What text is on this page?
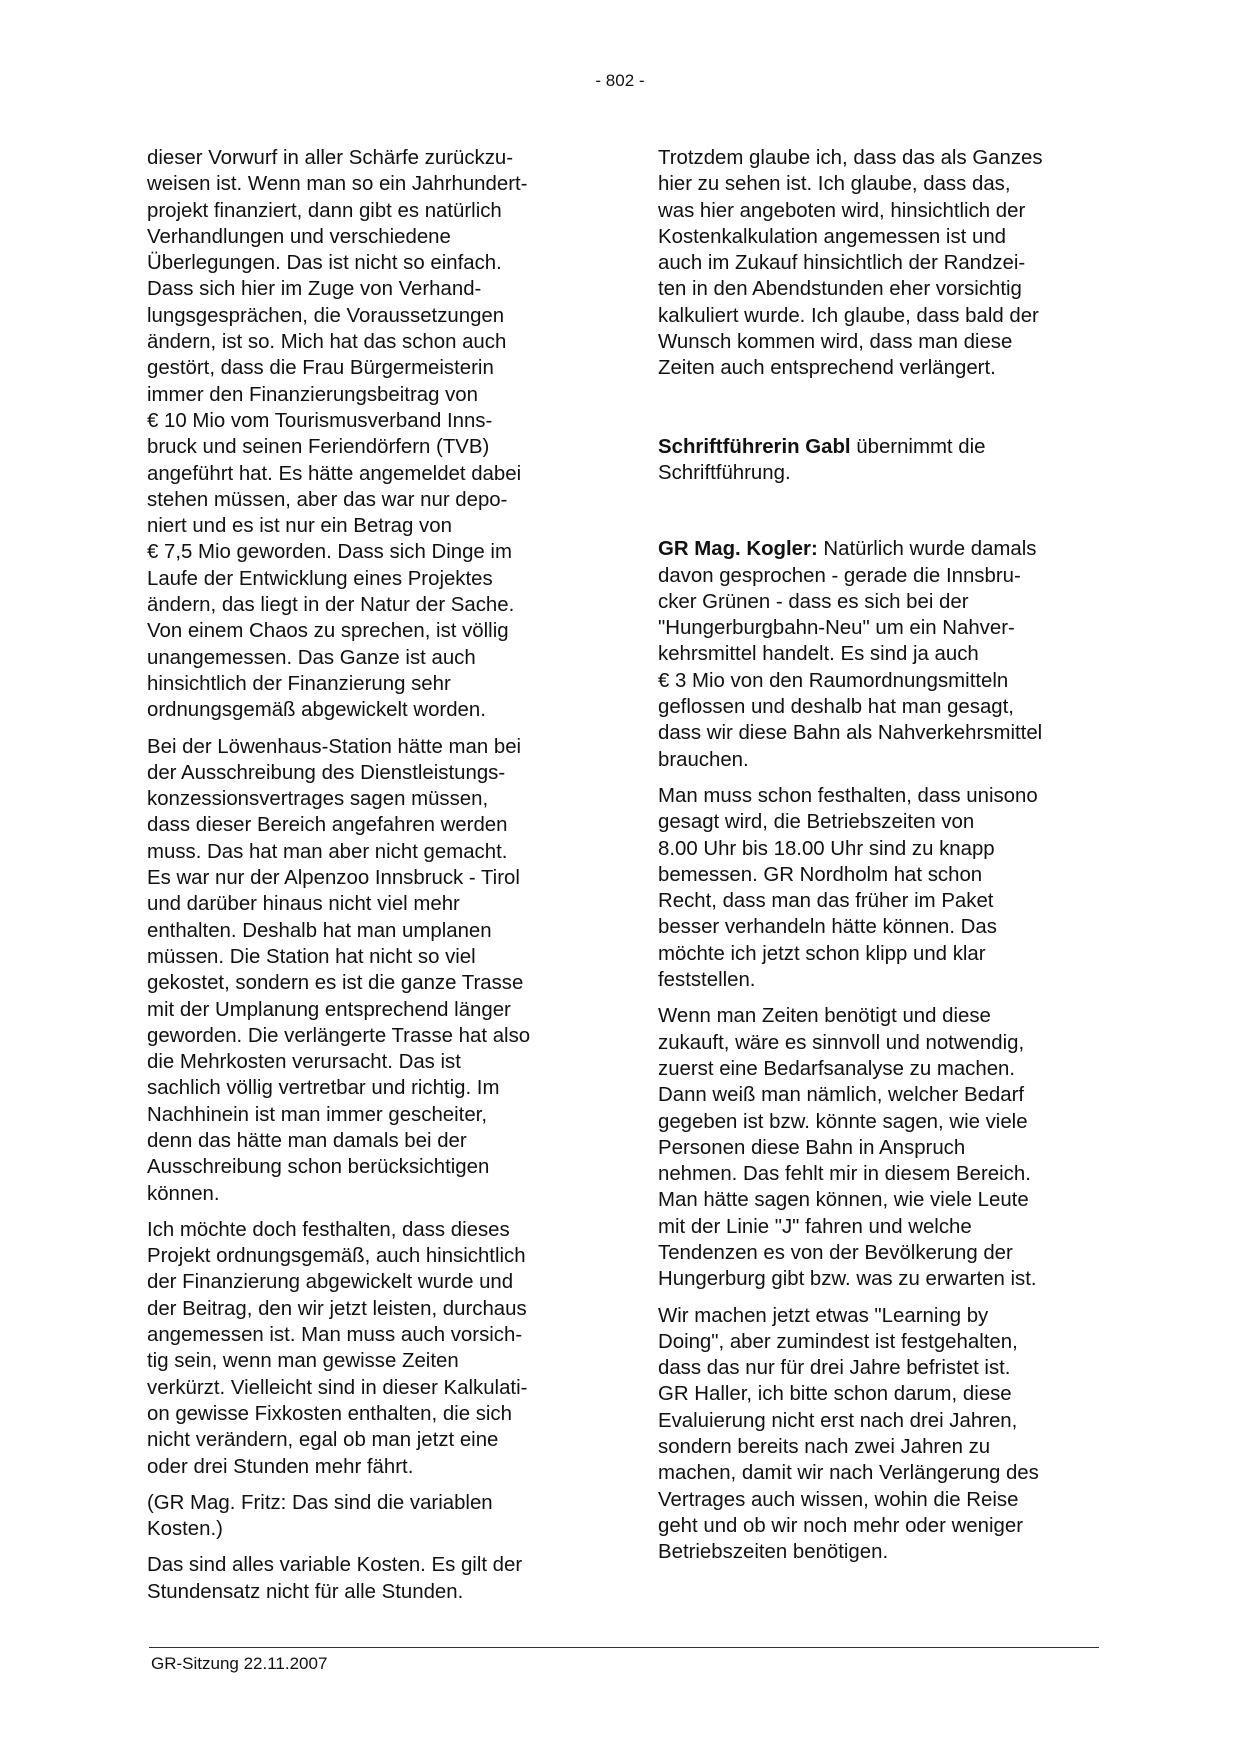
- 802 -

dieser Vorwurf in aller Schärfe zurückzu-
weisen ist. Wenn man so ein Jahrhundert-
projekt finanziert, dann gibt es natürlich
Verhandlungen und verschiedene
Überlegungen. Das ist nicht so einfach.
Dass sich hier im Zuge von Verhand-
lungsgesprächen, die Voraussetzungen
ändern, ist so. Mich hat das schon auch
gestört, dass die Frau Bürgermeisterin
immer den Finanzierungsbeitrag von
€ 10 Mio vom Tourismusverband Inns-
bruck und seinen Feriendörfern (TVB)
angeführt hat. Es hätte angemeldet dabei
stehen müssen, aber das war nur depo-
niert und es ist nur ein Betrag von
€ 7,5 Mio geworden. Dass sich Dinge im
Laufe der Entwicklung eines Projektes
ändern, das liegt in der Natur der Sache.
Von einem Chaos zu sprechen, ist völlig
unangemessen. Das Ganze ist auch
hinsichtlich der Finanzierung sehr
ordnungsgemäß abgewickelt worden.

Bei der Löwenhaus-Station hätte man bei
der Ausschreibung des Dienstleistungs-
konzessionsvertrages sagen müssen,
dass dieser Bereich angefahren werden
muss. Das hat man aber nicht gemacht.
Es war nur der Alpenzoo Innsbruck - Tirol
und darüber hinaus nicht viel mehr
enthalten. Deshalb hat man umplanen
müssen. Die Station hat nicht so viel
gekostet, sondern es ist die ganze Trasse
mit der Umplanung entsprechend länger
geworden. Die verlängerte Trasse hat also
die Mehrkosten verursacht. Das ist
sachlich völlig vertretbar und richtig. Im
Nachhinein ist man immer gescheiter,
denn das hätte man damals bei der
Ausschreibung schon berücksichtigen
können.

Ich möchte doch festhalten, dass dieses
Projekt ordnungsgemäß, auch hinsichtlich
der Finanzierung abgewickelt wurde und
der Beitrag, den wir jetzt leisten, durchaus
angemessen ist. Man muss auch vorsich-
tig sein, wenn man gewisse Zeiten
verkürzt. Vielleicht sind in dieser Kalkulati-
on gewisse Fixkosten enthalten, die sich
nicht verändern, egal ob man jetzt eine
oder drei Stunden mehr fährt.

(GR Mag. Fritz: Das sind die variablen
Kosten.)

Das sind alles variable Kosten. Es gilt der
Stundensatz nicht für alle Stunden.

Trotzdem glaube ich, dass das als Ganzes
hier zu sehen ist. Ich glaube, dass das,
was hier angeboten wird, hinsichtlich der
Kostenkalkulation angemessen ist und
auch im Zukauf hinsichtlich der Randzei-
ten in den Abendstunden eher vorsichtig
kalkuliert wurde. Ich glaube, dass bald der
Wunsch kommen wird, dass man diese
Zeiten auch entsprechend verlängert.

Schriftführerin Gabl übernimmt die
Schriftführung.

GR Mag. Kogler: Natürlich wurde damals
davon gesprochen - gerade die Innsbru-
cker Grünen - dass es sich bei der
"Hungerburgbahn-Neu" um ein Nahver-
kehrsmittel handelt. Es sind ja auch
€ 3 Mio von den Raumordnungsmitteln
geflossen und deshalb hat man gesagt,
dass wir diese Bahn als Nahverkehrsmittel
brauchen.

Man muss schon festhalten, dass unisono
gesagt wird, die Betriebszeiten von
8.00 Uhr bis 18.00 Uhr sind zu knapp
bemessen. GR Nordholm hat schon
Recht, dass man das früher im Paket
besser verhandeln hätte können. Das
möchte ich jetzt schon klipp und klar
feststellen.

Wenn man Zeiten benötigt und diese
zukauft, wäre es sinnvoll und notwendig,
zuerst eine Bedarfsanalyse zu machen.
Dann weiß man nämlich, welcher Bedarf
gegeben ist bzw. könnte sagen, wie viele
Personen diese Bahn in Anspruch
nehmen. Das fehlt mir in diesem Bereich.
Man hätte sagen können, wie viele Leute
mit der Linie "J" fahren und welche
Tendenzen es von der Bevölkerung der
Hungerburg gibt bzw. was zu erwarten ist.

Wir machen jetzt etwas "Learning by
Doing", aber zumindest ist festgehalten,
dass das nur für drei Jahre befristet ist.
GR Haller, ich bitte schon darum, diese
Evaluierung nicht erst nach drei Jahren,
sondern bereits nach zwei Jahren zu
machen, damit wir nach Verlängerung des
Vertrages auch wissen, wohin die Reise
geht und ob wir noch mehr oder weniger
Betriebszeiten benötigen.

GR-Sitzung 22.11.2007
